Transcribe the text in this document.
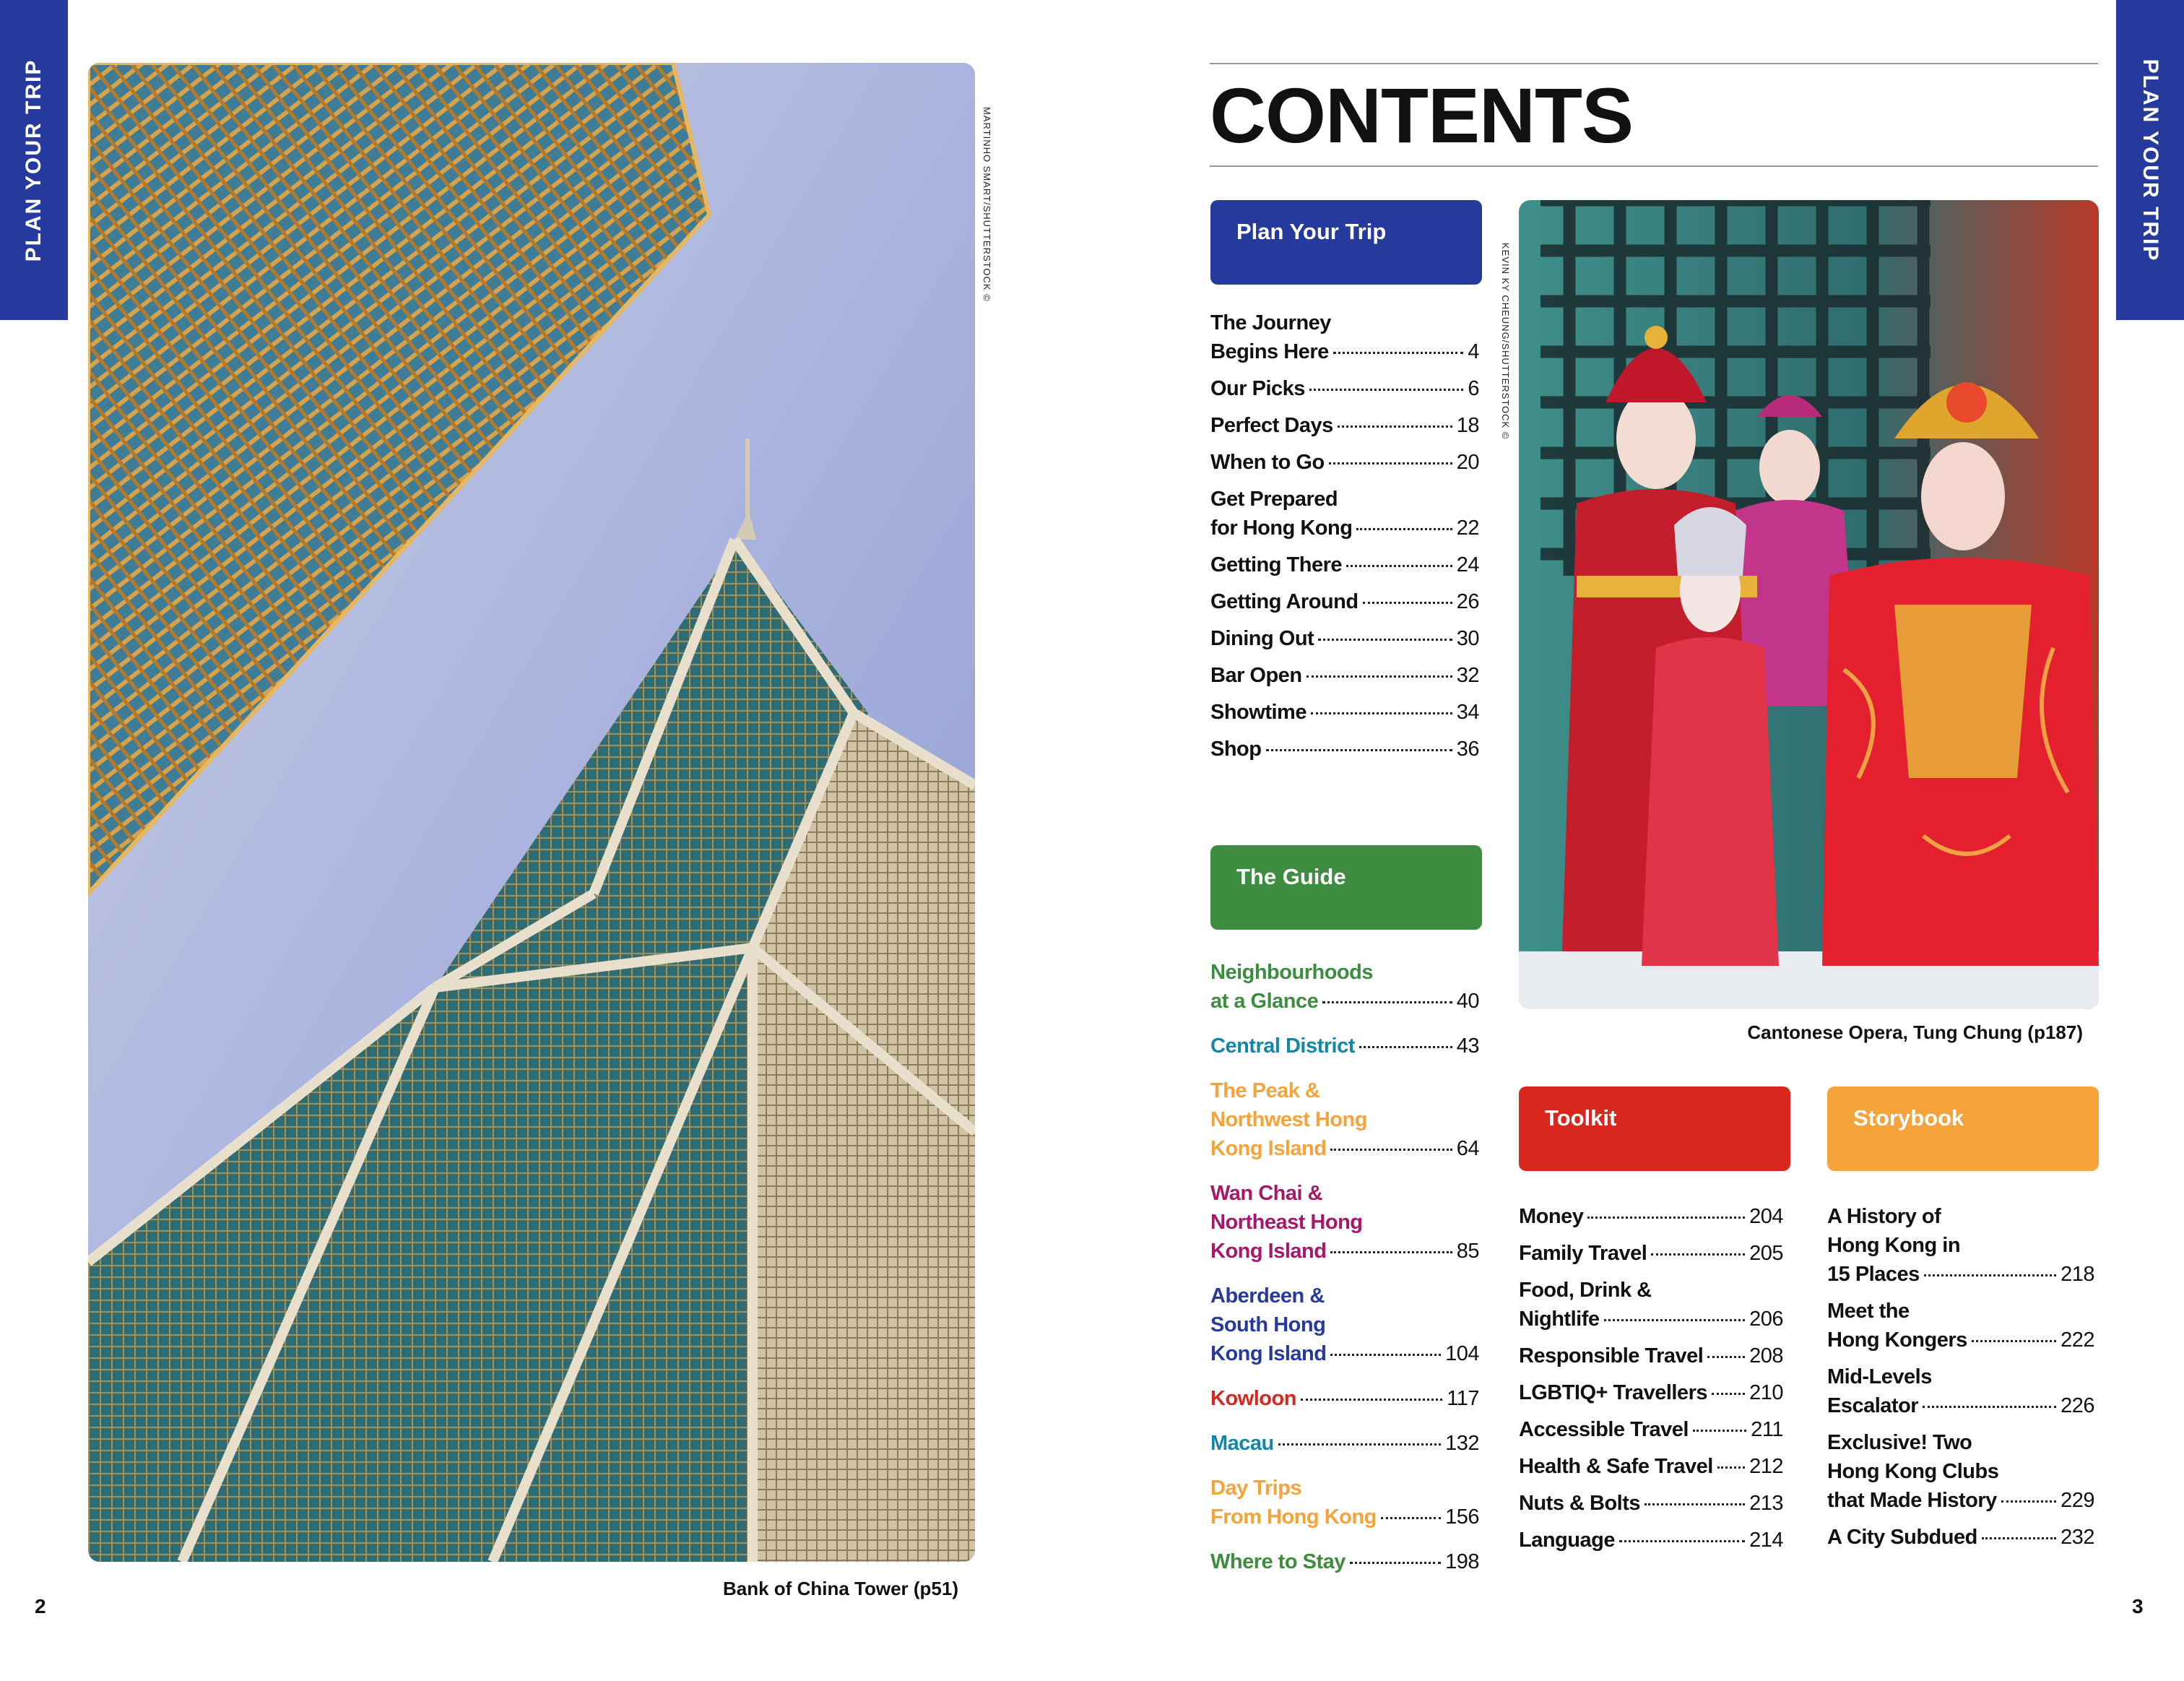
PLAN YOUR TRIP	PLAN YOUR TRIP
MARTINHO SMART/SHUTTERSTOCK ©
Bank of China Tower (p51)
2
CONTENTS
Plan Your Trip
The Guide
Toolkit	Storybook
The Journey
Begins Here	4
Our Picks	6
Perfect Days	18
When to Go	20
Get Prepared
for Hong Kong	22
Getting There	24
Getting Around	26
Dining Out	30
Bar Open	32
Showtime	34
Shop	36
Neighbourhoods
at a Glance	40
Central District	43
The Peak &
Northwest Hong
Kong Island	64
Wan Chai &
Northeast Hong
Kong Island	85
Aberdeen &
South Hong
Kong Island	104
Kowloon	117
Macau	132
Day Trips
From Hong Kong	156
Where to Stay	198
Money	204
Family Travel	205
Food, Drink &
Nightlife	206
Responsible Travel 208
LGBTIQ+ Travellers 210
Accessible Travel	211
Health & Safe Travel 212
Nuts & Bolts	213
Language	214
A History of
Hong Kong in
15 Places	218
Meet the
Hong Kongers	222
Mid-Levels
Escalator	226
Exclusive! Two
Hong Kong Clubs
that Made History	229
A City Subdued	232
KEVIN KY CHEUNG/SHUTTERSTOCK ©
Cantonese Opera, Tung Chung (p187)
3
